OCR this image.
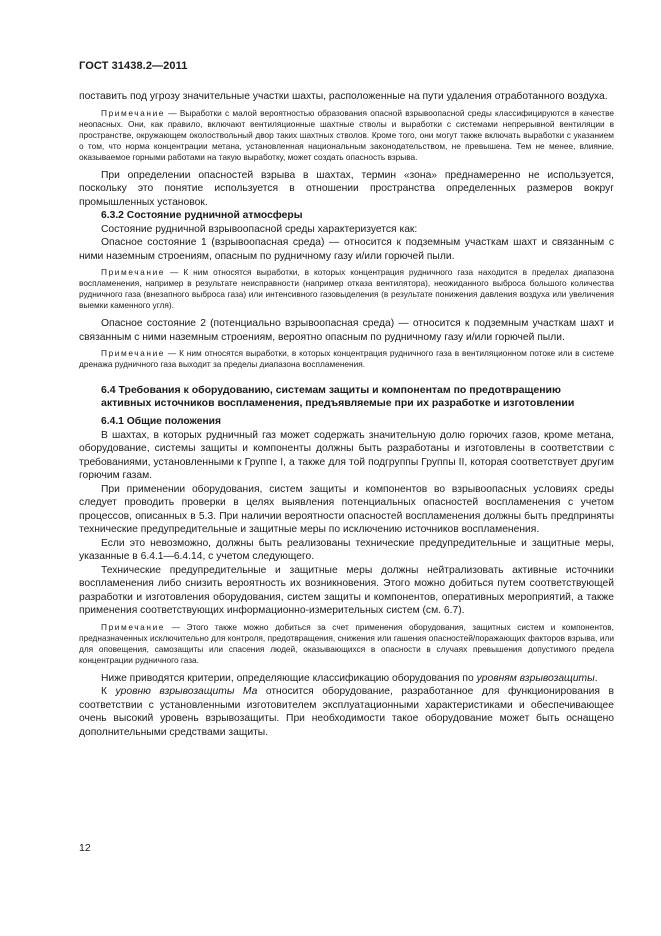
ГОСТ 31438.2—2011

поставить под угрозу значительные участки шахты, расположенные на пути удаления отработанного воздуха.

Примечание — Выработки с малой вероятностью образования опасной взрывоопасной среды классифицируются в качестве неопасных. Они, как правило, включают вентиляционные шахтные стволы и выработки с системами непрерывной вентиляции в пространстве, окружающем околоствольный двор таких шахтных стволов. Кроме того, они могут также включать выработки с указанием о том, что норма концентрации метана, установленная национальным законодательством, не превышена. Тем не менее, влияние, оказываемое горными работами на такую выработку, может создать опасность взрыва.

При определении опасностей взрыва в шахтах, термин «зона» преднамеренно не используется, поскольку это понятие используется в отношении пространства определенных размеров вокруг промышленных установок.

6.3.2 Состояние рудничной атмосферы

Состояние рудничной взрывоопасной среды характеризуется как:

Опасное состояние 1 (взрывоопасная среда) — относится к подземным участкам шахт и связанным с ними наземным строениям, опасным по рудничному газу и/или горючей пыли.

Примечание — К ним относятся выработки, в которых концентрация рудничного газа находится в пределах диапазона воспламенения, например в результате неисправности (например отказа вентилятора), неожиданного выброса большого количества рудничного газа (внезапного выброса газа) или интенсивного газовыделения (в результате понижения давления воздуха или увеличения выемки каменного угля).

Опасное состояние 2 (потенциально взрывоопасная среда) — относится к подземным участкам шахт и связанным с ними наземным строениям, вероятно опасным по рудничному газу и/или горючей пыли.

Примечание — К ним относятся выработки, в которых концентрация рудничного газа в вентиляционном потоке или в системе дренажа рудничного газа выходит за пределы диапазона воспламенения.

6.4 Требования к оборудованию, системам защиты и компонентам по предотвращению активных источников воспламенения, предъявляемые при их разработке и изготовлении

6.4.1 Общие положения

В шахтах, в которых рудничный газ может содержать значительную долю горючих газов, кроме метана, оборудование, системы защиты и компоненты должны быть разработаны и изготовлены в соответствии с требованиями, установленными к Группе I, а также для той подгруппы Группы II, которая соответствует другим горючим газам.

При применении оборудования, систем защиты и компонентов во взрывоопасных условиях среды следует проводить проверки в целях выявления потенциальных опасностей воспламенения с учетом процессов, описанных в 5.3. При наличии вероятности опасностей воспламенения должны быть предприняты технические предупредительные и защитные меры по исключению источников воспламенения.

Если это невозможно, должны быть реализованы технические предупредительные и защитные меры, указанные в 6.4.1—6.4.14, с учетом следующего.

Технические предупредительные и защитные меры должны нейтрализовать активные источники воспламенения либо снизить вероятность их возникновения. Этого можно добиться путем соответствующей разработки и изготовления оборудования, систем защиты и компонентов, оперативных мероприятий, а также применения соответствующих информационно-измерительных систем (см. 6.7).

Примечание — Этого также можно добиться за счет применения оборудования, защитных систем и компонентов, предназначенных исключительно для контроля, предотвращения, снижения или гашения опасностей/поражающих факторов взрыва, или для оповещения, самозащиты или спасения людей, оказывающихся в опасности в случаях превышения допустимого предела концентрации рудничного газа.

Ниже приводятся критерии, определяющие классификацию оборудования по уровням взрывозащиты.

К уровню взрывозащиты Ма относится оборудование, разработанное для функционирования в соответствии с установленными изготовителем эксплуатационными характеристиками и обеспечивающее очень высокий уровень взрывозащиты. При необходимости такое оборудование может быть оснащено дополнительными средствами защиты.

12
